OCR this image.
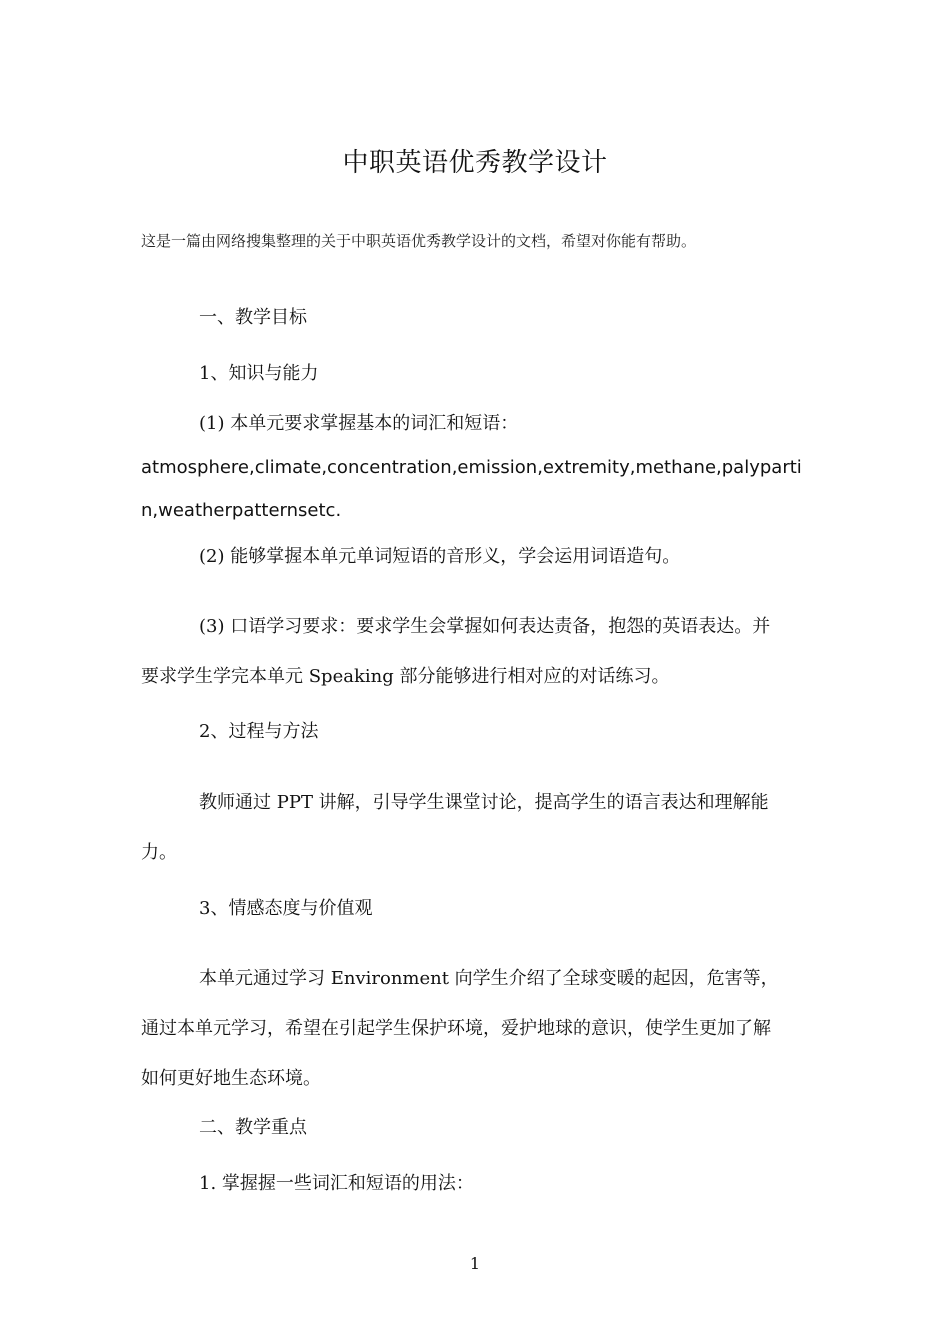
中职英语优秀教学设计

这是一篇由网络搜集整理的关于中职英语优秀教学设计的文档，希望对你能有帮助。

一、教学目标

1、知识与能力

(1) 本单元要求掌握基本的词汇和短语：

atmosphere,climate,concentration,emission,extremity,methane,palyparti

n,weatherpatternsetc.

(2) 能够掌握本单元单词短语的音形义，学会运用词语造句。

(3) 口语学习要求：要求学生会掌握如何表达责备，抱怨的英语表达。并

要求学生学完本单元 Speaking 部分能够进行相对应的对话练习。

2、过程与方法

教师通过 PPT 讲解，引导学生课堂讨论，提高学生的语言表达和理解能

力。

3、情感态度与价值观

本单元通过学习 Environment 向学生介绍了全球变暖的起因，危害等，

通过本单元学习，希望在引起学生保护环境，爱护地球的意识，使学生更加了解

如何更好地生态环境。

二、教学重点

1. 掌握握一些词汇和短语的用法：

1
